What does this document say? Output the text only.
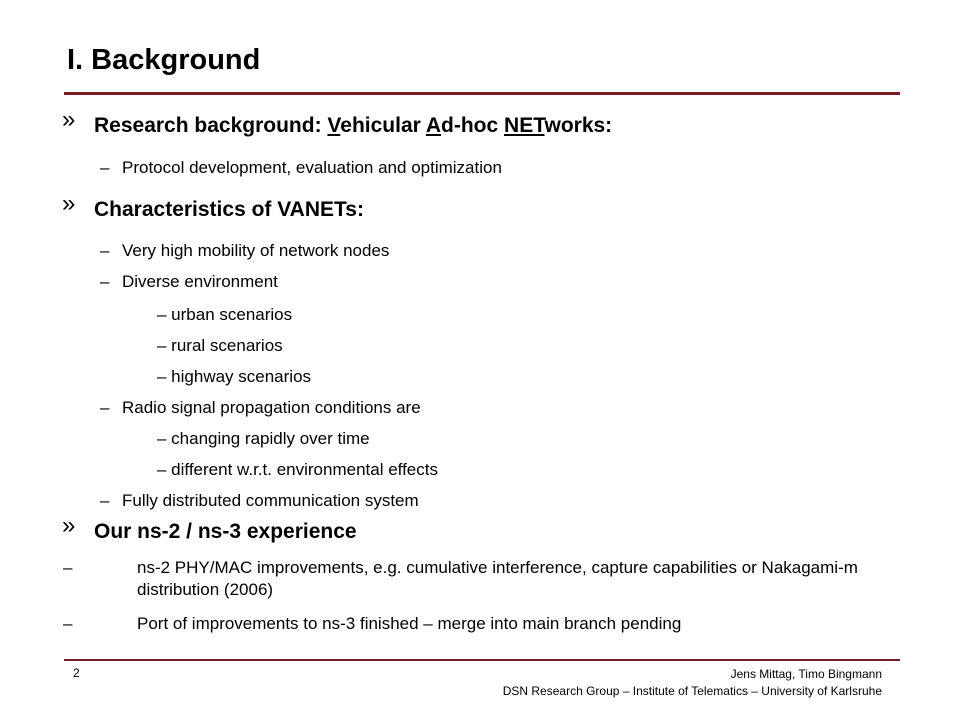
I. Background
» Research background: Vehicular Ad-hoc NETworks:
– Protocol development, evaluation and optimization
» Characteristics of VANETs:
– Very high mobility of network nodes
– Diverse environment
– urban scenarios
– rural scenarios
– highway scenarios
– Radio signal propagation conditions are
– changing rapidly over time
– different w.r.t. environmental effects
– Fully distributed communication system
» Our ns-2 / ns-3 experience
–	ns-2 PHY/MAC improvements, e.g. cumulative interference, capture capabilities or Nakagami-m distribution (2006)
–	Port of improvements to ns-3 finished – merge into main branch pending
2	Jens Mittag, Timo Bingmann
DSN Research Group – Institute of Telematics – University of Karlsruhe
